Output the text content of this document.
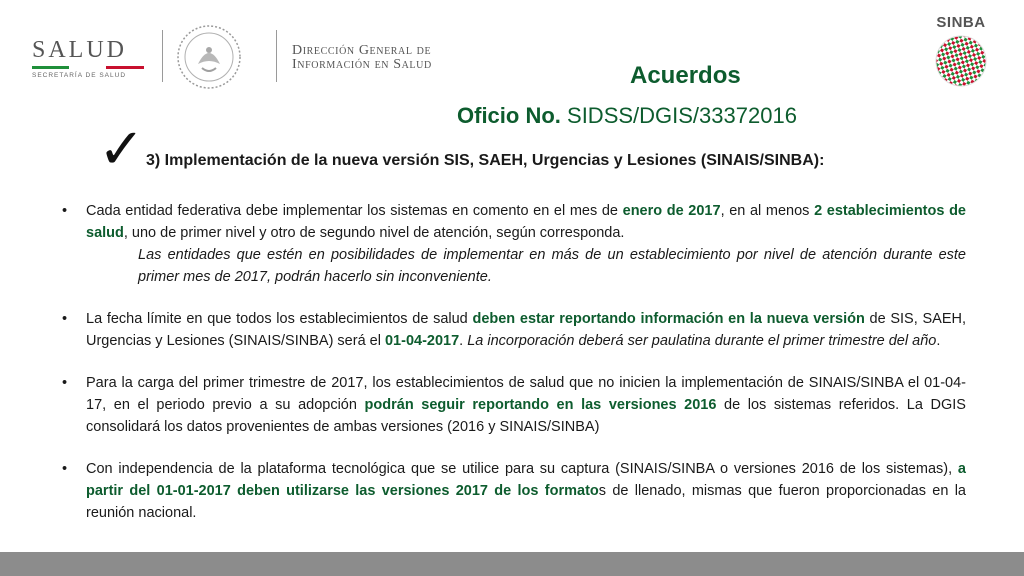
SALUD
SECRETARÍA DE SALUD
Dirección General de
Información en Salud
SINBA
Acuerdos
Oficio No. SIDSS/DGIS/33372016
✓ 3) Implementación de la nueva versión SIS, SAEH, Urgencias y Lesiones (SINAIS/SINBA):
• Cada entidad federativa debe implementar los sistemas en comento en el mes de enero de 2017, en al menos 2 establecimientos de salud, uno de primer nivel y otro de segundo nivel de atención, según corresponda.
Las entidades que estén en posibilidades de implementar en más de un establecimiento por nivel de atención durante este primer mes de 2017, podrán hacerlo sin inconveniente.
• La fecha límite en que todos los establecimientos de salud deben estar reportando información en la nueva versión de SIS, SAEH, Urgencias y Lesiones (SINAIS/SINBA) será el 01-04-2017. La incorporación deberá ser paulatina durante el primer trimestre del año.
• Para la carga del primer trimestre de 2017, los establecimientos de salud que no inicien la implementación de SINAIS/SINBA el 01-04-17, en el periodo previo a su adopción podrán seguir reportando en las versiones 2016 de los sistemas referidos. La DGIS consolidará los datos provenientes de ambas versiones (2016 y SINAIS/SINBA)
• Con independencia de la plataforma tecnológica que se utilice para su captura (SINAIS/SINBA o versiones 2016 de los sistemas), a partir del 01-01-2017 deben utilizarse las versiones 2017 de los formatos de llenado, mismas que fueron proporcionadas en la reunión nacional.
